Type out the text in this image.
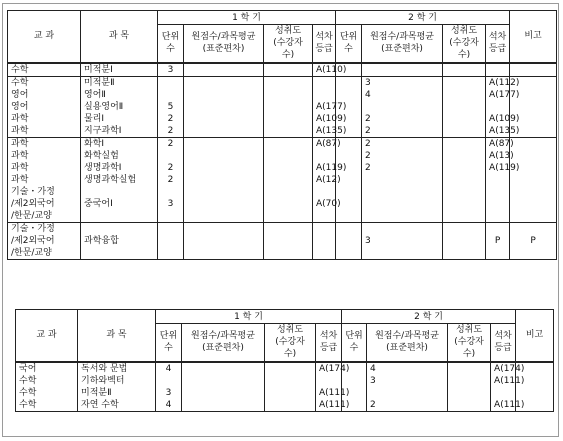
교 과	과 목	1 학 기				2 학 기				비고
		단위
수	원점수/과목평균
(표준편차)	성취도
(수강자
수)	석차
등급	단위
수	원점수/과목평균
(표준편차)	성취도
(수강자
수)	석차
등급	
수학	미적분Ⅰ	3			A(110)					
수학	미적분Ⅱ						3		A(112)	
영어	영어Ⅱ						4		A(177)	
영어	실용영어Ⅱ	5			A(177)					
과학	물리Ⅰ	2			A(109)		2		A(109)	
과학	지구과학Ⅰ	2			A(135)		2		A(135)	
과학	화학Ⅰ	2			A(87)		2		A(87)	
과학	화학실험						2		A(13)	
과학	생명과학Ⅰ	2			A(119)		2		A(119)	
과학	생명과학실험	2			A(12)					
기술・가정										
/제2외국어	중국어Ⅰ	3			A(70)					
/한문/교양										
기술・가정										
/제2외국어	과학융합						3		P	P
/한문/교양										
교 과	과 목	1 학 기				2 학 기				비고
		단위
수	원점수/과목평균
(표준편차)	성취도
(수강자
수)	석차
등급	단위
수	원점수/과목평균
(표준편차)	성취도
(수강자
수)	석차
등급	
국어	독서와 문법	4			A(174)		4		A(174)	
수학	기하와벡터						3		A(111)	
수학	미적분Ⅱ	3			A(111)					
수학	자연 수학	4			A(111)		2		A(111)	
